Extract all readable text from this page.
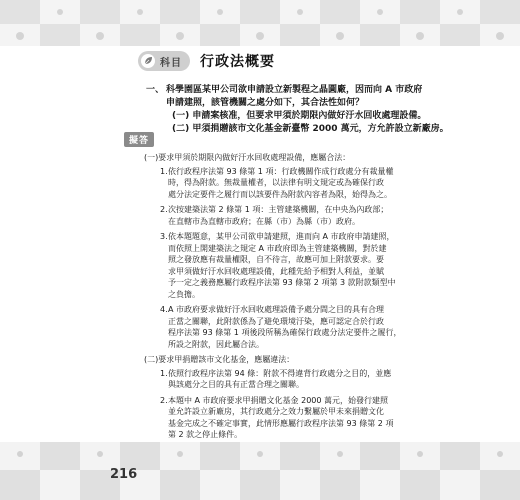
科目 行政法概要
一、 科學園區某甲公司欲申請設立新製程之晶圓廠，因而向 A 市政府
申請建照，該管機關之處分如下，其合法性如何？
(一) 申請案核准，但要求甲須於期限內做好汙水回收處理設備。
(二) 甲須捐贈該市文化基金新臺幣 2000 萬元，方允許設立新廠房。
擬答
(一)要求甲須於期限內做好汙水回收處理設備，應屬合法：
1. 依行政程序法第 93 條第 1 項：行政機關作成行政處分有裁量權
時，得為附款。無裁量權者，以法律有明文規定或為確保行政
處分法定要件之履行而以該要件為附款內容者為限，始得為之。
2. 次按建築法第 2 條第 1 項：主管建築機關，在中央為內政部；
在直轄市為直轄市政府；在縣（市）為縣（市）政府。
3. 依本題題意，某甲公司欲申請建照，進而向 A 市政府申請建照，
而依照上開建築法之規定 A 市政府即為主管建築機關，對於建
照之發放應有裁量權限，自不待言，故應可加上附款要求。要
求甲須做好汙水回收處理設備，此種先給予相對人利益，並賦
予一定之義務應屬行政程序法第 93 條第 2 項第 3 款附款類型中
之負擔。
4. A 市政府要求做好汙水回收處理設備予處分間之目的具有合理
正當之關聯，此附款係為了避免環境汙染，應可認定合於行政
程序法第 93 條第 1 項後段所稱為確保行政處分法定要件之履行，
所設之附款，因此屬合法。
(二)要求甲捐贈該市文化基金，應屬違法：
1. 依照行政程序法第 94 條：附款不得違背行政處分之目的，並應
與該處分之目的具有正當合理之關聯。
2. 本題中 A 市政府要求甲捐贈文化基金 2000 萬元，始發行建照
並允許設立新廠房，其行政處分之效力繫屬於甲未來捐贈文化
基金完成之不確定事實，此情形應屬行政程序法第 93 條第 2 項
第 2 款之停止條件。
216
